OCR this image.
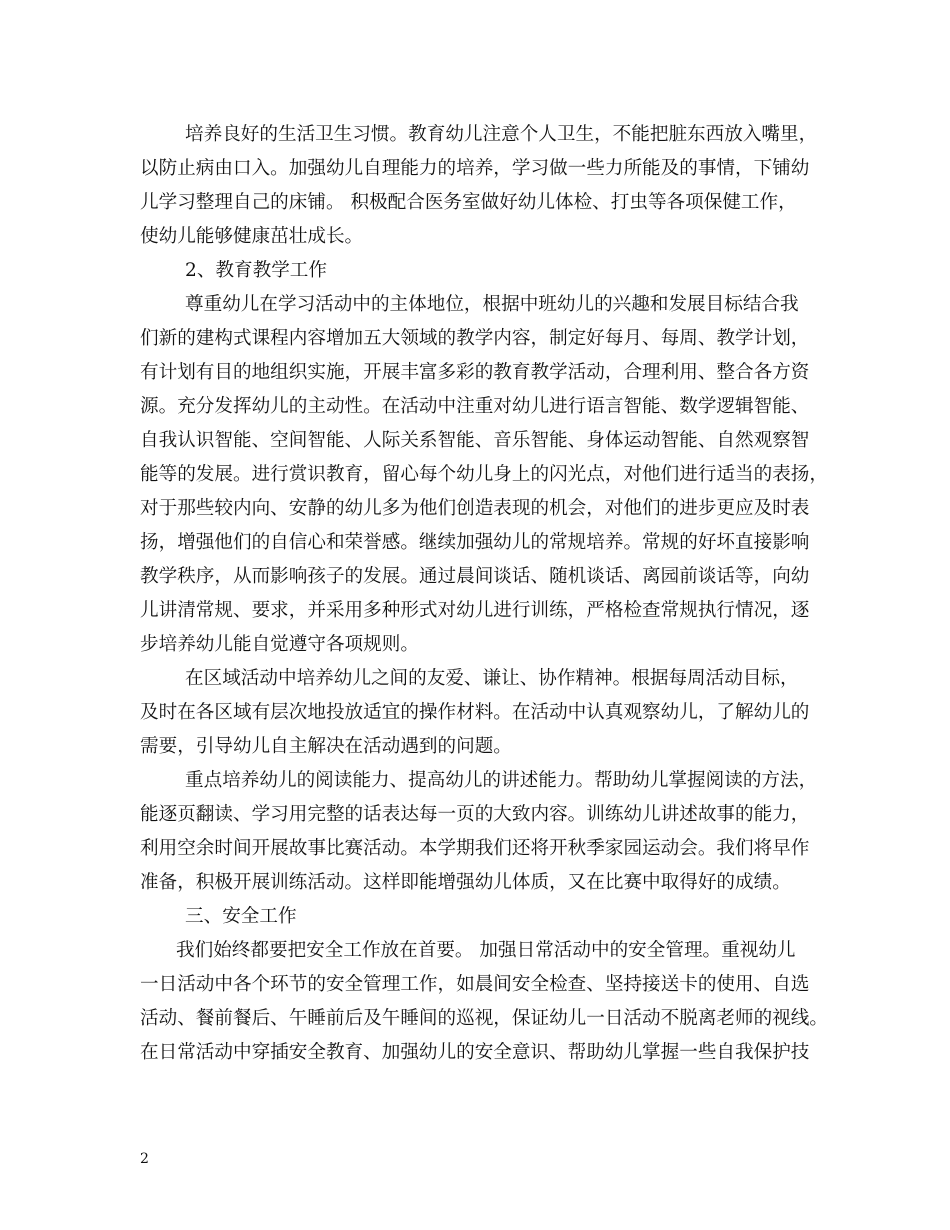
培养良好的生活卫生习惯。教育幼儿注意个人卫生，不能把脏东西放入嘴里，
以防止病由口入。加强幼儿自理能力的培养，学习做一些力所能及的事情，下铺幼
儿学习整理自己的床铺。 积极配合医务室做好幼儿体检、打虫等各项保健工作，
使幼儿能够健康茁壮成长。
2、教育教学工作
尊重幼儿在学习活动中的主体地位，根据中班幼儿的兴趣和发展目标结合我
们新的建构式课程内容增加五大领域的教学内容，制定好每月、每周、教学计划，
有计划有目的地组织实施，开展丰富多彩的教育教学活动，合理利用、整合各方资
源。充分发挥幼儿的主动性。在活动中注重对幼儿进行语言智能、数学逻辑智能、
自我认识智能、空间智能、人际关系智能、音乐智能、身体运动智能、自然观察智
能等的发展。进行赏识教育，留心每个幼儿身上的闪光点，对他们进行适当的表扬，
对于那些较内向、安静的幼儿多为他们创造表现的机会，对他们的进步更应及时表
扬，增强他们的自信心和荣誉感。继续加强幼儿的常规培养。常规的好坏直接影响
教学秩序，从而影响孩子的发展。通过晨间谈话、随机谈话、离园前谈话等，向幼
儿讲清常规、要求，并采用多种形式对幼儿进行训练，严格检查常规执行情况，逐
步培养幼儿能自觉遵守各项规则。
在区域活动中培养幼儿之间的友爱、谦让、协作精神。根据每周活动目标，
及时在各区域有层次地投放适宜的操作材料。在活动中认真观察幼儿，了解幼儿的
需要，引导幼儿自主解决在活动遇到的问题。
重点培养幼儿的阅读能力、提高幼儿的讲述能力。帮助幼儿掌握阅读的方法，
能逐页翻读、学习用完整的话表达每一页的大致内容。训练幼儿讲述故事的能力，
利用空余时间开展故事比赛活动。本学期我们还将开秋季家园运动会。我们将早作
准备，积极开展训练活动。这样即能增强幼儿体质，又在比赛中取得好的成绩。
三、安全工作
我们始终都要把安全工作放在首要。 加强日常活动中的安全管理。重视幼儿
一日活动中各个环节的安全管理工作，如晨间安全检查、坚持接送卡的使用、自选
活动、餐前餐后、午睡前后及午睡间的巡视，保证幼儿一日活动不脱离老师的视线。
在日常活动中穿插安全教育、加强幼儿的安全意识、帮助幼儿掌握一些自我保护技
2
